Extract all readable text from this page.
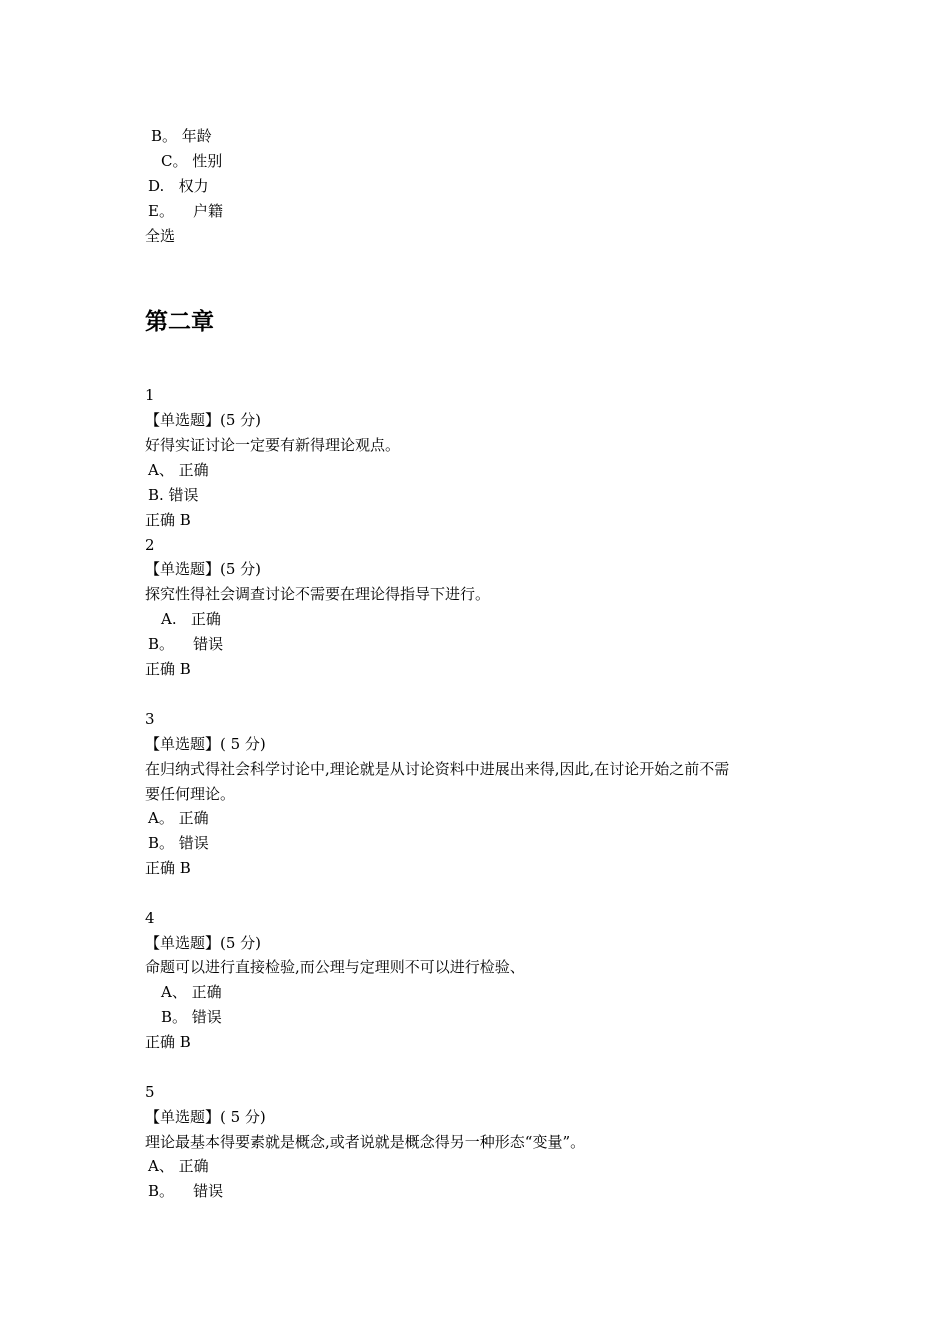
B。 年龄
C。 性别
D.   权力
E。    户籍
全选
第二章
1
【单选题】(5 分)
好得实证讨论一定要有新得理论观点。
A、 正确
B. 错误
正确 B
2
【单选题】(5 分)
探究性得社会调查讨论不需要在理论得指导下进行。
A.   正确
B。    错误
正确 B
3
【单选题】( 5 分)
在归纳式得社会科学讨论中,理论就是从讨论资料中进展出来得,因此,在讨论开始之前不需
要任何理论。
A。 正确
B。 错误
正确 B
4
【单选题】(5 分)
命题可以进行直接检验,而公理与定理则不可以进行检验、
A、 正确
B。 错误
正确 B
5
【单选题】( 5 分)
理论最基本得要素就是概念,或者说就是概念得另一种形态“变量”。
A、 正确
B。    错误
